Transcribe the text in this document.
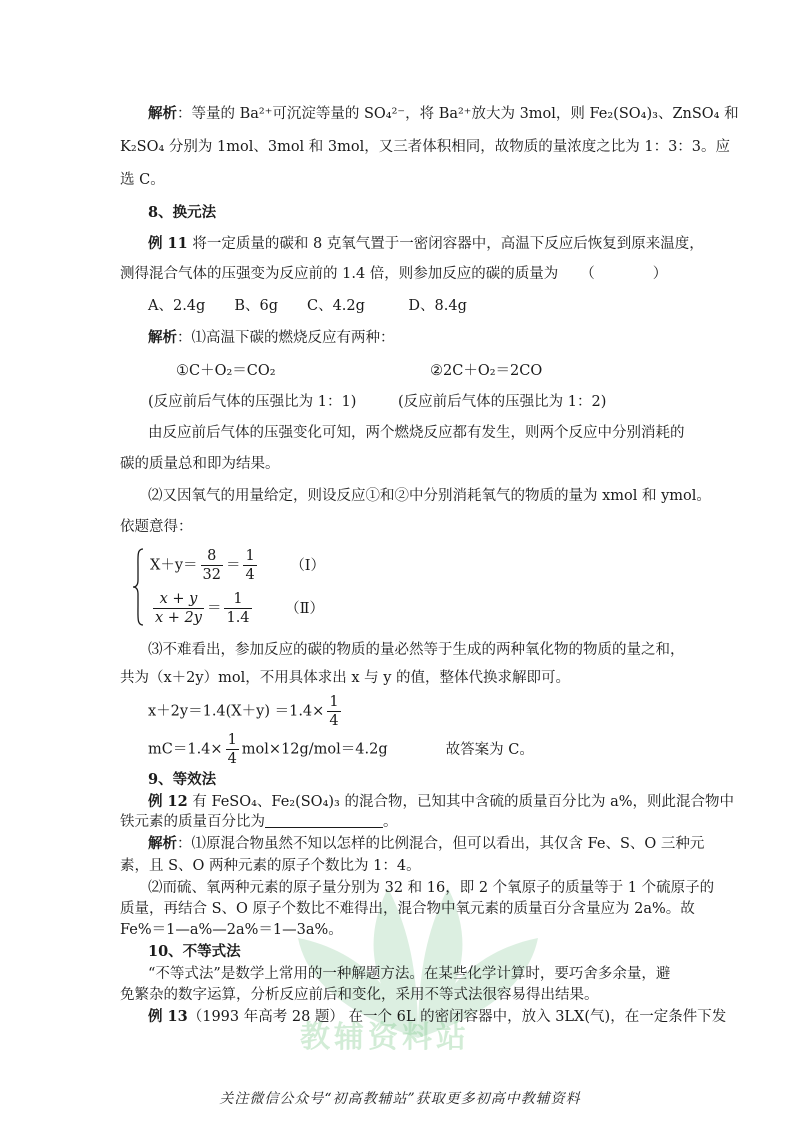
教辅资料站
解析：等量的 Ba²⁺可沉淀等量的 SO₄²⁻，将 Ba²⁺放大为 3mol，则 Fe₂(SO₄)₃、ZnSO₄ 和
K₂SO₄ 分别为 1mol、3mol 和 3mol，又三者体积相同，故物质的量浓度之比为 1：3：3。应
选 C。
8、换元法
例 11 将一定质量的碳和 8 克氧气置于一密闭容器中，高温下反应后恢复到原来温度，
测得混合气体的压强变为反应前的 1.4 倍，则参加反应的碳的质量为 （　　　　）
A、2.4g　　B、6g　　C、4.2g　　　D、8.4g
解析：⑴高温下碳的燃烧反应有两种：
①C＋O₂＝CO₂	②2C＋O₂＝2CO
(反应前后气体的压强比为 1：1)	(反应前后气体的压强比为 1：2)
由反应前后气体的压强变化可知，两个燃烧反应都有发生，则两个反应中分别消耗的
碳的质量总和即为结果。
⑵又因氧气的用量给定，则设反应①和②中分别消耗氧气的物质的量为 xmol 和 ymol。
依题意得：
$X+y= \frac{8}{32} = \frac{1}{4}$ （Ⅰ）
$\frac{x + y}{x + 2y} = \frac{1}{1.4}$ （Ⅱ）
⑶不难看出，参加反应的碳的物质的量必然等于生成的两种氧化物的物质的量之和，
共为（x＋2y）mol，不用具体求出 x 与 y 的值，整体代换求解即可。
$x+2y=1.4(X+y) =1.4\times \frac{1}{4}$
$mC=1.4\times \frac{1}{4} mol\times 12g/mol=4.2g$	故答案为 C。
9、等效法
例 12 有 FeSO₄、Fe₂(SO₄)₃ 的混合物，已知其中含硫的质量百分比为 a%，则此混合物中
铁元素的质量百分比为	。
解析：⑴原混合物虽然不知以怎样的比例混合，但可以看出，其仅含 Fe、S、O 三种元
素，且 S、O 两种元素的原子个数比为 1：4。
⑵而硫、氧两种元素的原子量分别为 32 和 16，即 2 个氧原子的质量等于 1 个硫原子的
质量，再结合 S、O 原子个数比不难得出，混合物中氧元素的质量百分含量应为 2a%。故
Fe%＝1—a%—2a%＝1—3a%。
10、不等式法
“不等式法”是数学上常用的一种解题方法。在某些化学计算时，要巧舍多余量，避
免繁杂的数字运算，分析反应前后和变化，采用不等式法很容易得出结果。
例 13（1993 年高考 28 题） 在一个 6L 的密闭容器中，放入 3LX(气)，在一定条件下发
关注微信公众号“初高教辅站”获取更多初高中教辅资料
